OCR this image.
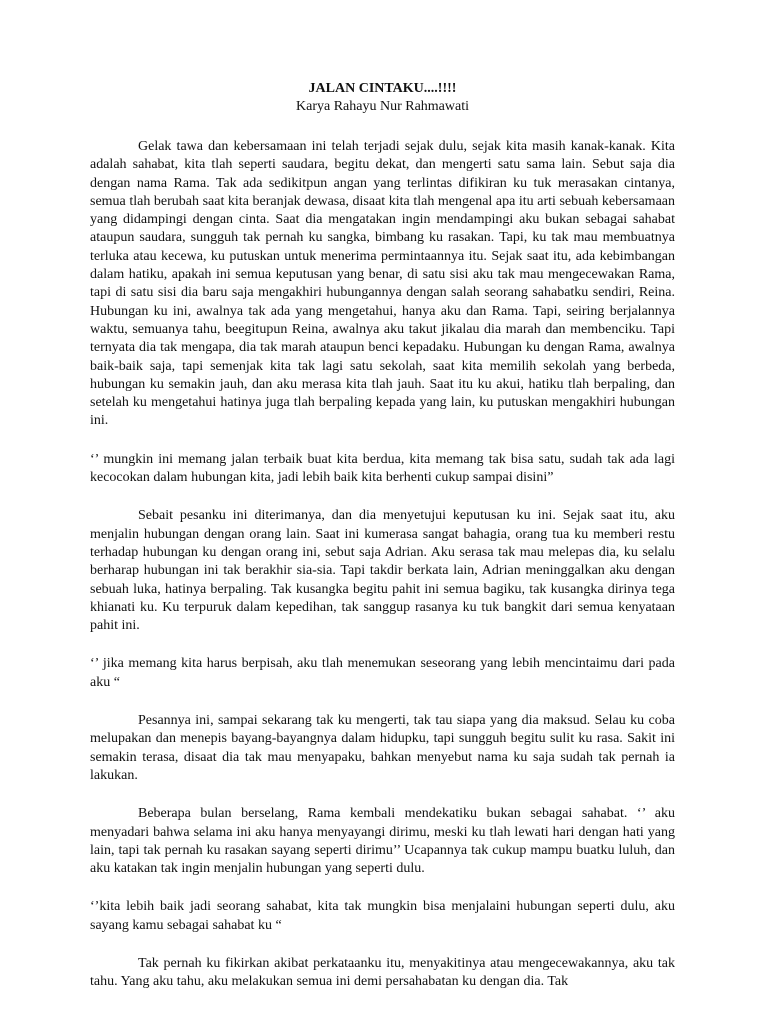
JALAN CINTAKU....!!!!

Karya Rahayu Nur Rahmawati

Gelak tawa dan kebersamaan ini telah terjadi sejak dulu, sejak kita masih kanak-kanak. Kita adalah sahabat, kita tlah seperti saudara, begitu dekat, dan mengerti satu sama lain. Sebut saja dia dengan nama Rama. Tak ada sedikitpun angan yang terlintas difikiran ku tuk merasakan cintanya, semua tlah berubah saat kita beranjak dewasa, disaat kita tlah mengenal apa itu arti sebuah kebersamaan yang didampingi dengan cinta. Saat dia mengatakan ingin mendampingi aku bukan sebagai sahabat ataupun saudara, sungguh tak pernah ku sangka, bimbang ku rasakan. Tapi, ku tak mau membuatnya terluka atau kecewa, ku putuskan untuk menerima permintaannya itu. Sejak saat itu, ada kebimbangan dalam hatiku, apakah ini semua keputusan yang benar, di satu sisi aku tak mau mengecewakan Rama, tapi di satu sisi dia baru saja mengakhiri hubungannya dengan salah seorang sahabatku sendiri, Reina. Hubungan ku ini, awalnya tak ada yang mengetahui, hanya aku dan Rama. Tapi, seiring berjalannya waktu, semuanya tahu, beegitupun Reina, awalnya aku takut jikalau dia marah dan membenciku. Tapi ternyata dia tak mengapa, dia tak marah ataupun benci kepadaku. Hubungan ku dengan Rama, awalnya baik-baik saja, tapi semenjak kita tak lagi satu sekolah, saat kita memilih sekolah yang berbeda, hubungan ku semakin jauh, dan aku merasa kita tlah jauh. Saat itu ku akui, hatiku tlah berpaling, dan setelah ku mengetahui hatinya juga tlah berpaling kepada yang lain, ku putuskan mengakhiri hubungan ini.

‘’ mungkin ini memang jalan terbaik buat kita berdua, kita memang tak bisa satu, sudah tak ada lagi kecocokan dalam hubungan kita, jadi lebih baik kita berhenti cukup sampai disini”

Sebait pesanku ini diterimanya, dan dia menyetujui keputusan ku ini. Sejak saat itu, aku menjalin hubungan dengan orang lain. Saat ini kumerasa sangat bahagia, orang tua ku memberi restu terhadap hubungan ku dengan orang ini, sebut saja Adrian. Aku serasa tak mau melepas dia, ku selalu berharap hubungan ini tak berakhir sia-sia. Tapi takdir berkata lain, Adrian meninggalkan aku dengan sebuah luka, hatinya berpaling. Tak kusangka begitu pahit ini semua bagiku, tak kusangka dirinya tega khianati ku. Ku terpuruk dalam kepedihan, tak sanggup rasanya ku tuk bangkit dari semua kenyataan pahit ini.

‘’ jika memang kita harus berpisah, aku tlah menemukan seseorang yang lebih mencintaimu dari pada aku “

Pesannya ini, sampai sekarang tak ku mengerti, tak tau siapa yang dia maksud. Selau ku coba melupakan dan menepis bayang-bayangnya dalam hidupku, tapi sungguh begitu sulit ku rasa. Sakit ini semakin terasa, disaat dia tak mau menyapaku, bahkan menyebut nama ku saja sudah tak pernah ia lakukan.

Beberapa bulan berselang, Rama kembali mendekatiku bukan sebagai sahabat. ‘’ aku menyadari bahwa selama ini aku hanya menyayangi dirimu, meski ku tlah lewati hari dengan hati yang lain, tapi tak pernah ku rasakan sayang seperti dirimu’’ Ucapannya tak cukup mampu buatku luluh, dan aku katakan tak ingin menjalin hubungan yang seperti dulu.

‘’kita lebih baik jadi seorang sahabat, kita tak mungkin bisa menjalaini hubungan seperti dulu, aku sayang kamu sebagai sahabat ku “

Tak pernah ku fikirkan akibat perkataanku itu, menyakitinya atau mengecewakannya, aku tak tahu. Yang aku tahu, aku melakukan semua ini demi persahabatan ku dengan dia. Tak
